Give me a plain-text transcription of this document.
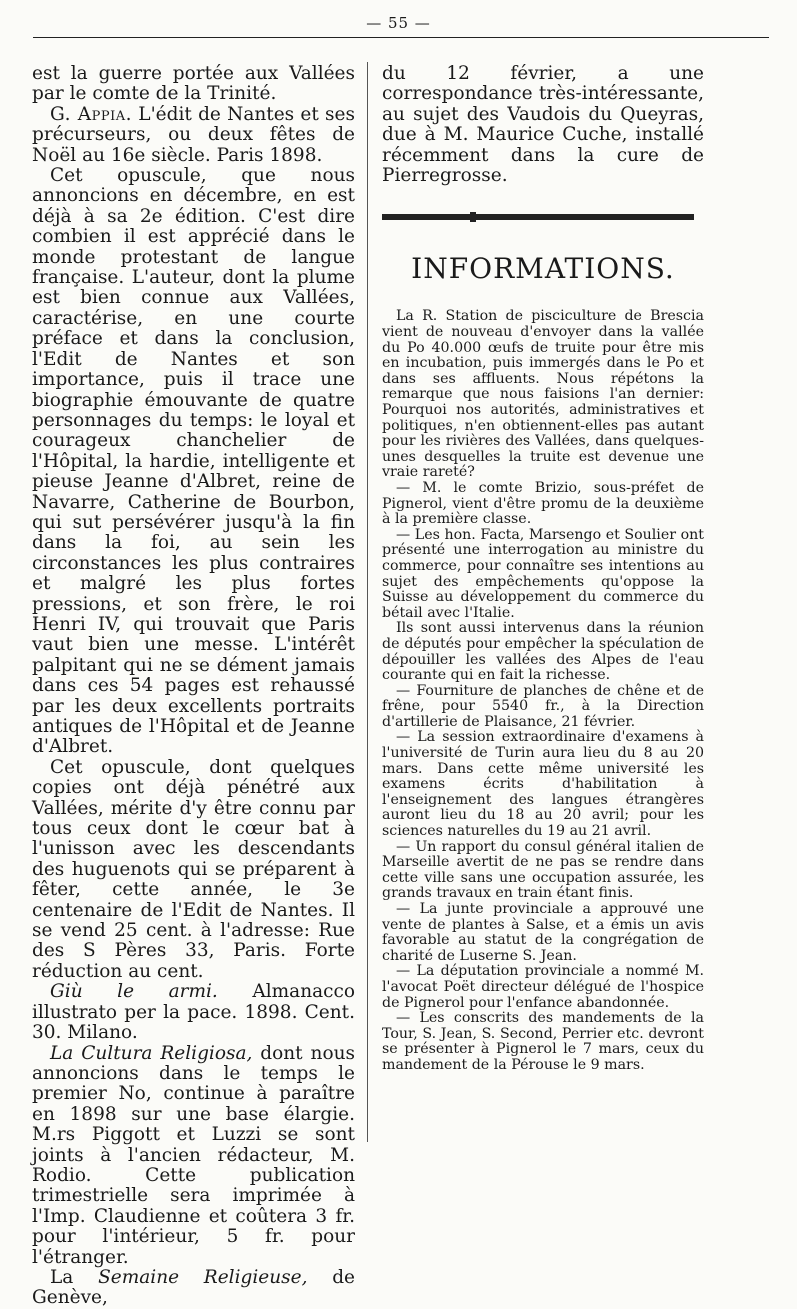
— 55 —

est la guerre portée aux Vallées par le comte de la Trinité.

G. Appia. L'édit de Nantes et ses précurseurs, ou deux fêtes de Noël au 16e siècle. Paris 1898.

Cet opuscule, que nous annoncions en décembre, en est déjà à sa 2e édition. C'est dire combien il est apprécié dans le monde protestant de langue française. L'auteur, dont la plume est bien connue aux Vallées, caractérise, en une courte préface et dans la conclusion, l'Edit de Nantes et son importance, puis il trace une biographie émouvante de quatre personnages du temps: le loyal et courageux chanchelier de l'Hôpital, la hardie, intelligente et pieuse Jeanne d'Albret, reine de Navarre, Catherine de Bourbon, qui sut persévérer jusqu'à la fin dans la foi, au sein les circonstances les plus contraires et malgré les plus fortes pressions, et son frère, le roi Henri IV, qui trouvait que Paris vaut bien une messe. L'intérêt palpitant qui ne se dément jamais dans ces 54 pages est rehaussé par les deux excellents portraits antiques de l'Hôpital et de Jeanne d'Albret.

Cet opuscule, dont quelques copies ont déjà pénétré aux Vallées, mérite d'y être connu par tous ceux dont le cœur bat à l'unisson avec les descendants des huguenots qui se préparent à fêter, cette année, le 3e centenaire de l'Edit de Nantes. Il se vend 25 cent. à l'adresse: Rue des S Pères 33, Paris. Forte réduction au cent.

Giù le armi. Almanacco illustrato per la pace. 1898. Cent. 30. Milano.

La Cultura Religiosa, dont nous annoncions dans le temps le premier No, continue à paraître en 1898 sur une base élargie. M.rs Piggott et Luzzi se sont joints à l'ancien rédacteur, M. Rodio. Cette publication trimestrielle sera imprimée à l'Imp. Claudienne et coûtera 3 fr. pour l'intérieur, 5 fr. pour l'étranger.

La Semaine Religieuse, de Genève,

du 12 février, a une correspondance très-intéressante, au sujet des Vaudois du Queyras, due à M. Maurice Cuche, installé récemment dans la cure de Pierregrosse.

INFORMATIONS.

La R. Station de pisciculture de Brescia vient de nouveau d'envoyer dans la vallée du Po 40.000 œufs de truite pour être mis en incubation, puis immergés dans le Po et dans ses affluents. Nous répétons la remarque que nous faisions l'an dernier: Pourquoi nos autorités, administratives et politiques, n'en obtiennent-elles pas autant pour les rivières des Vallées, dans quelques-unes desquelles la truite est devenue une vraie rareté?

— M. le comte Brizio, sous-préfet de Pignerol, vient d'être promu de la deuxième à la première classe.

— Les hon. Facta, Marsengo et Soulier ont présenté une interrogation au ministre du commerce, pour connaître ses intentions au sujet des empêchements qu'oppose la Suisse au développement du commerce du bétail avec l'Italie.

Ils sont aussi intervenus dans la réunion de députés pour empêcher la spéculation de dépouiller les vallées des Alpes de l'eau courante qui en fait la richesse.

— Fourniture de planches de chêne et de frêne, pour 5540 fr., à la Direction d'artillerie de Plaisance, 21 février.

— La session extraordinaire d'examens à l'université de Turin aura lieu du 8 au 20 mars. Dans cette même université les examens écrits d'habilitation à l'enseignement des langues étrangères auront lieu du 18 au 20 avril; pour les sciences naturelles du 19 au 21 avril.

— Un rapport du consul général italien de Marseille avertit de ne pas se rendre dans cette ville sans une occupation assurée, les grands travaux en train étant finis.

— La junte provinciale a approuvé une vente de plantes à Salse, et a émis un avis favorable au statut de la congrégation de charité de Luserne S. Jean.

— La députation provinciale a nommé M. l'avocat Poët directeur délégué de l'hospice de Pignerol pour l'enfance abandonnée.

— Les conscrits des mandements de la Tour, S. Jean, S. Second, Perrier etc. devront se présenter à Pignerol le 7 mars, ceux du mandement de la Pérouse le 9 mars.
